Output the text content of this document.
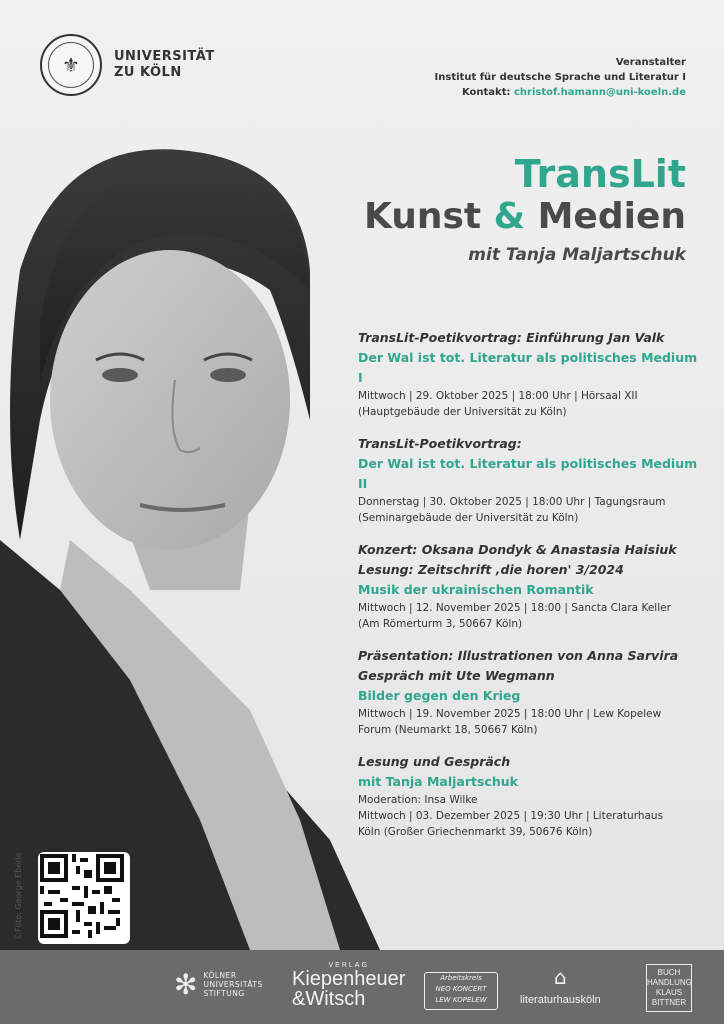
©Foto: George Eberle
⚜	UNIVERSITÄT
ZU KÖLN
Veranstalter
Institut für deutsche Sprache und Literatur I
Kontakt: christof.hamann@uni-koeln.de
TransLit
Kunst & Medien
mit Tanja Maljartschuk
TransLit-Poetikvortrag: Einführung Jan Valk
Der Wal ist tot. Literatur als politisches Medium I
Mittwoch | 29. Oktober 2025 | 18:00 Uhr | Hörsaal XII
(Hauptgebäude der Universität zu Köln)
TransLit-Poetikvortrag:
Der Wal ist tot. Literatur als politisches Medium II
Donnerstag | 30. Oktober 2025 | 18:00 Uhr | Tagungsraum
(Seminargebäude der Universität zu Köln)
Konzert: Oksana Dondyk & Anastasia Haisiuk
Lesung: Zeitschrift ‚die horen' 3/2024
Musik der ukrainischen Romantik
Mittwoch | 12. November 2025 | 18:00 | Sancta Clara Keller
(Am Römerturm 3, 50667 Köln)
Präsentation: Illustrationen von Anna Sarvira
Gespräch mit Ute Wegmann
Bilder gegen den Krieg
Mittwoch | 19. November 2025 | 18:00 Uhr | Lew Kopelew
Forum (Neumarkt 18, 50667 Köln)
Lesung und Gespräch
mit Tanja Maljartschuk
Moderation: Insa Wilke
Mittwoch | 03. Dezember 2025 | 19:30 Uhr | Literaturhaus
Köln (Großer Griechenmarkt 39, 50676 Köln)
✻ KÖLNER
UNIVERSITÄTS
STIFTUNG
VERLAG
Kiepenheuer
&Witsch
Arbeitskreis
NEO KONCERT
LEW KOPELEW
⌂
literaturhausköln
BUCH
HANDLUNG
KLAUS
BITTNER
